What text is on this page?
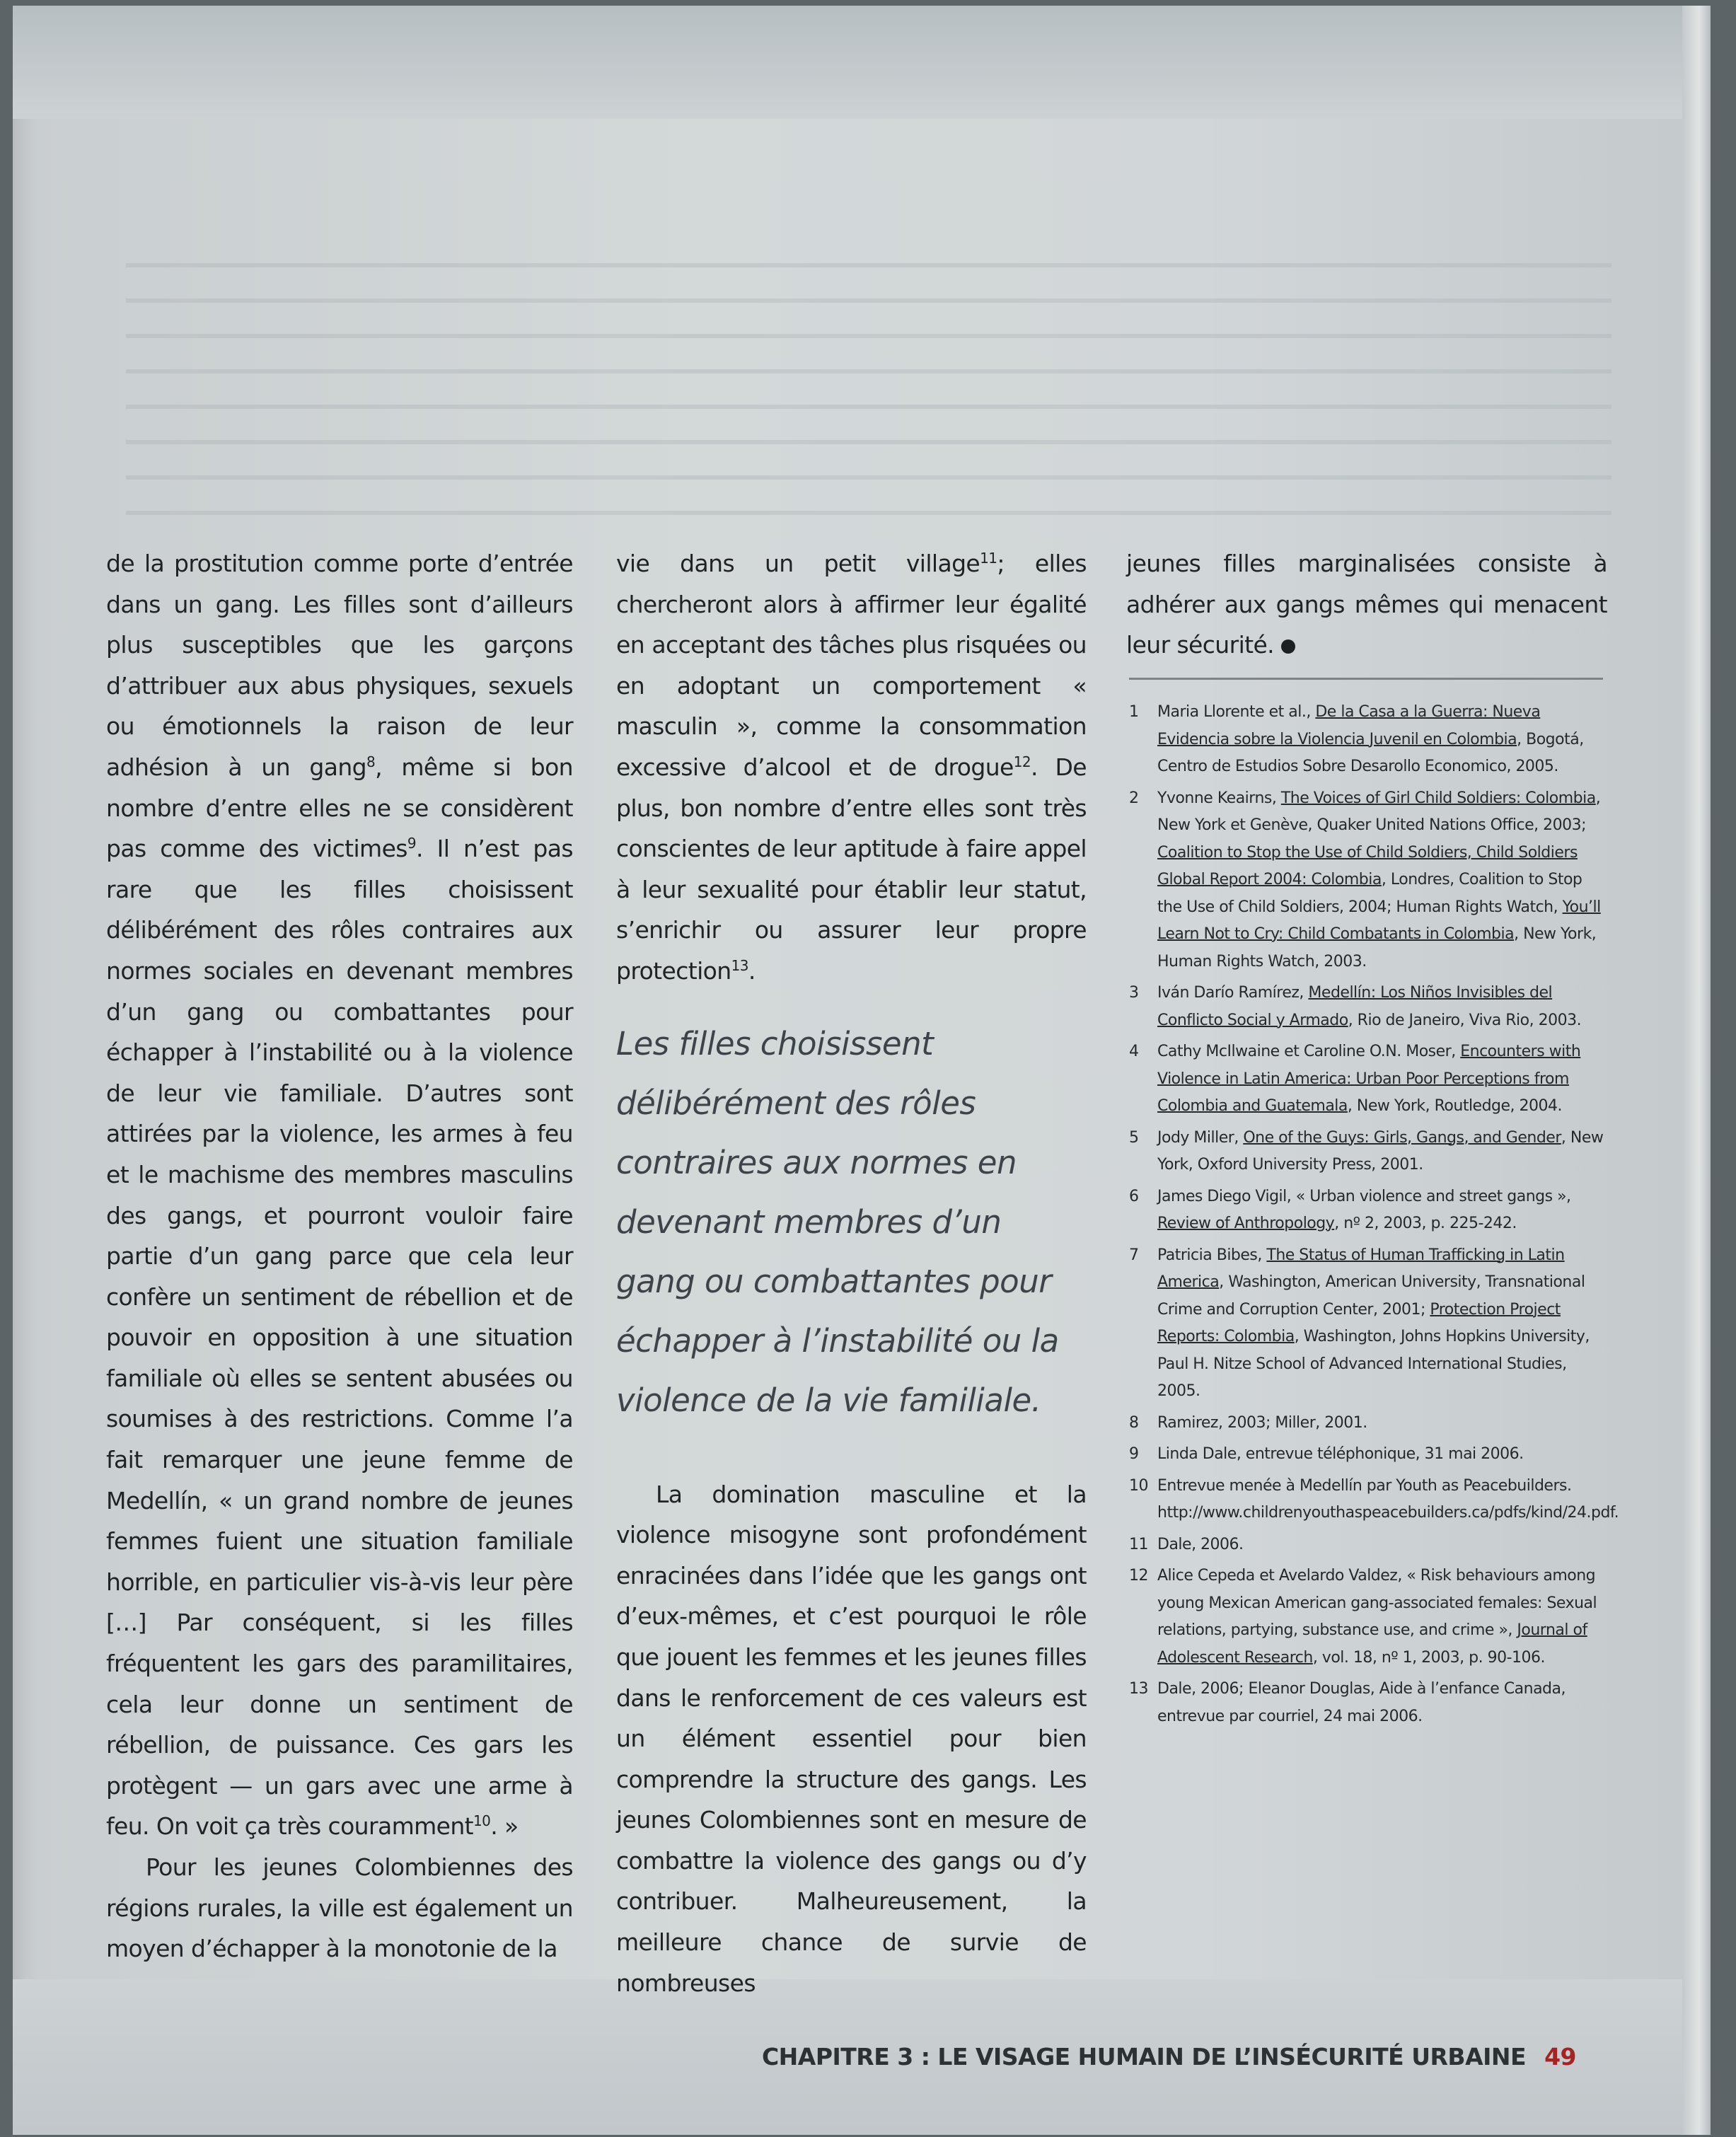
de la prostitution comme porte d’entrée dans un gang. Les filles sont d’ailleurs plus susceptibles que les garçons d’attribuer aux abus physiques, sexuels ou émotionnels la raison de leur adhésion à un gang$^8$, même si bon nombre d’entre elles ne se considèrent pas comme des victimes$^9$. Il n’est pas rare que les filles choisissent délibérément des rôles contraires aux normes sociales en devenant membres d’un gang ou combattantes pour échapper à l’instabilité ou à la violence de leur vie familiale. D’autres sont attirées par la violence, les armes à feu et le machisme des membres masculins des gangs, et pourront vouloir faire partie d’un gang parce que cela leur confère un sentiment de rébellion et de pouvoir en opposition à une situation familiale où elles se sentent abusées ou soumises à des restrictions. Comme l’a fait remarquer une jeune femme de Medellín, « un grand nombre de jeunes femmes fuient une situation familiale horrible, en particulier vis-à-vis leur père […] Par conséquent, si les filles fréquentent les gars des paramilitaires, cela leur donne un sentiment de rébellion, de puissance. Ces gars les protègent — un gars avec une arme à feu. On voit ça très couramment$^{10}$. »

Pour les jeunes Colombiennes des régions rurales, la ville est également un moyen d’échapper à la monotonie de la

vie dans un petit village$^{11}$; elles chercheront alors à affirmer leur égalité en acceptant des tâches plus risquées ou en adoptant un comportement « masculin », comme la consommation excessive d’alcool et de drogue$^{12}$. De plus, bon nombre d’entre elles sont très conscientes de leur aptitude à faire appel à leur sexualité pour établir leur statut, s’enrichir ou assurer leur propre protection$^{13}$.

Les filles choisissent délibérément des rôles contraires aux normes en devenant membres d’un gang ou combattantes pour échapper à l’instabilité ou la violence de la vie familiale.

La domination masculine et la violence misogyne sont profondément enracinées dans l’idée que les gangs ont d’eux-mêmes, et c’est pourquoi le rôle que jouent les femmes et les jeunes filles dans le renforcement de ces valeurs est un élément essentiel pour bien comprendre la structure des gangs. Les jeunes Colombiennes sont en mesure de combattre la violence des gangs ou d’y contribuer. Malheureusement, la meilleure chance de survie de nombreuses

jeunes filles marginalisées consiste à adhérer aux gangs mêmes qui menacent leur sécurité.

1	Maria Llorente et al., De la Casa a la Guerra: Nueva Evidencia sobre la Violencia Juvenil en Colombia, Bogotá, Centro de Estudios Sobre Desarollo Economico, 2005.
2	Yvonne Keairns, The Voices of Girl Child Soldiers: Colombia, New York et Genève, Quaker United Nations Office, 2003; Coalition to Stop the Use of Child Soldiers, Child Soldiers Global Report 2004: Colombia, Londres, Coalition to Stop the Use of Child Soldiers, 2004; Human Rights Watch, You’ll Learn Not to Cry: Child Combatants in Colombia, New York, Human Rights Watch, 2003.
3	Iván Darío Ramírez, Medellín: Los Niños Invisibles del Conflicto Social y Armado, Rio de Janeiro, Viva Rio, 2003.
4	Cathy McIlwaine et Caroline O.N. Moser, Encounters with Violence in Latin America: Urban Poor Perceptions from Colombia and Guatemala, New York, Routledge, 2004.
5	Jody Miller, One of the Guys: Girls, Gangs, and Gender, New York, Oxford University Press, 2001.
6	James Diego Vigil, « Urban violence and street gangs », Review of Anthropology, nº 2, 2003, p. 225-242.
7	Patricia Bibes, The Status of Human Trafficking in Latin America, Washington, American University, Transnational Crime and Corruption Center, 2001; Protection Project Reports: Colombia, Washington, Johns Hopkins University, Paul H. Nitze School of Advanced International Studies, 2005.
8	Ramirez, 2003; Miller, 2001.
9	Linda Dale, entrevue téléphonique, 31 mai 2006.
10 Entrevue menée à Medellín par Youth as Peacebuilders. http://www.childrenyouthaspeacebuilders.ca/pdfs/kind/24.pdf.
11 Dale, 2006.
12 Alice Cepeda et Avelardo Valdez, « Risk behaviours among young Mexican American gang-associated females: Sexual relations, partying, substance use, and crime », Journal of Adolescent Research, vol. 18, nº 1, 2003, p. 90-106.
13 Dale, 2006; Eleanor Douglas, Aide à l’enfance Canada, entrevue par courriel, 24 mai 2006.
CHAPITRE 3 : LE VISAGE HUMAIN DE L’INSÉCURITÉ URBAINE 49
